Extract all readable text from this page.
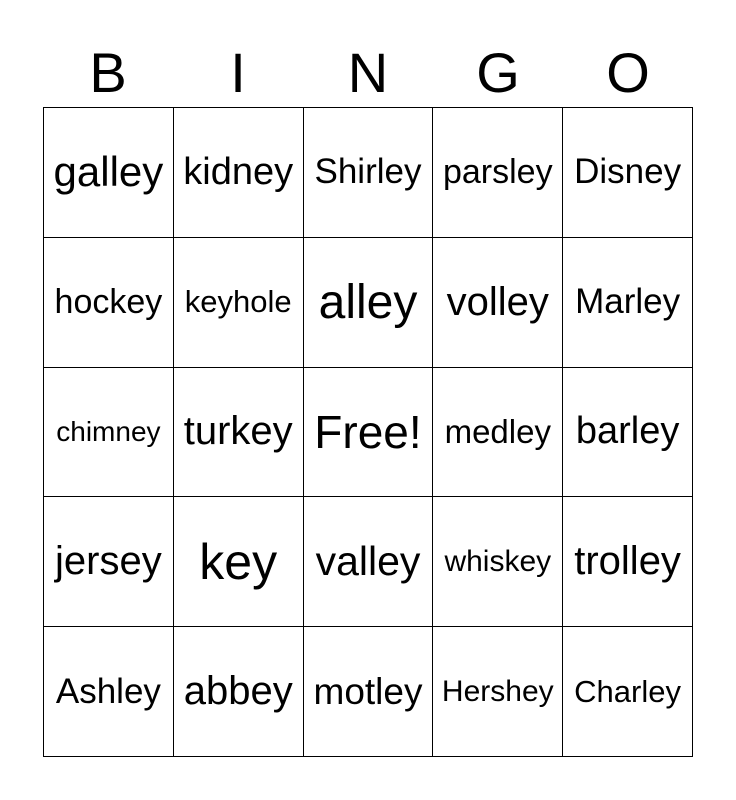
B	I	N	G	O
galley kidney Shirley parsley Disney
hockey keyhole alley volley Marley
chimney turkey Free! medley barley
jersey key valley whiskey trolley
Ashley abbey motley Hershey Charley
